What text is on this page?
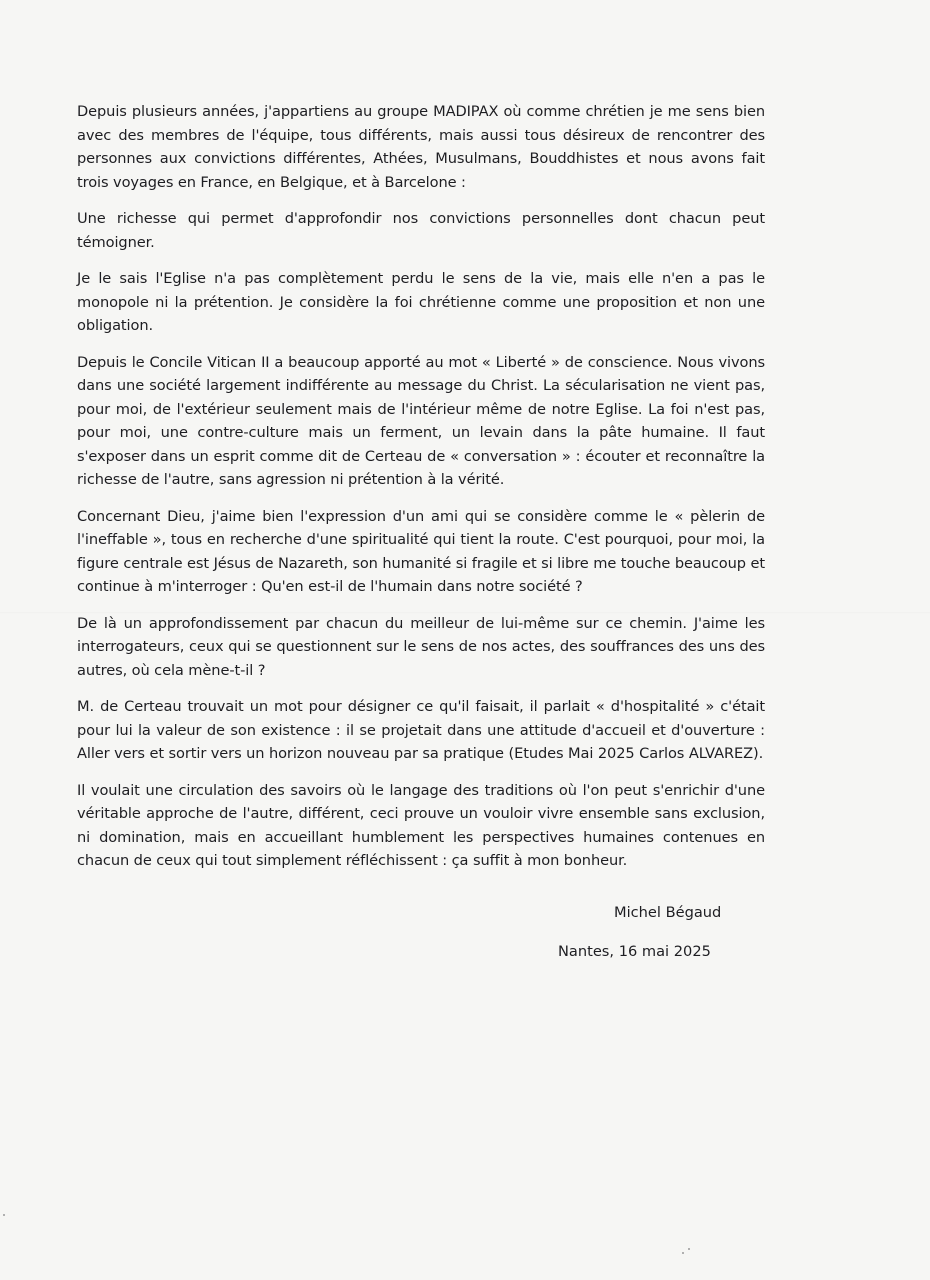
Depuis plusieurs années, j'appartiens au groupe MADIPAX où comme chrétien je me sens bien avec des membres de l'équipe, tous différents, mais aussi tous désireux de rencontrer des personnes aux convictions différentes, Athées, Musulmans, Bouddhistes et nous avons fait trois voyages en France, en Belgique, et à Barcelone :

Une richesse qui permet d'approfondir nos convictions personnelles dont chacun peut témoigner.

Je le sais l'Eglise n'a pas complètement perdu le sens de la vie, mais elle n'en a pas le monopole ni la prétention. Je considère la foi chrétienne comme une proposition et non une obligation.

Depuis le Concile Vitican II a beaucoup apporté au mot « Liberté » de conscience. Nous vivons dans une société largement indifférente au message du Christ. La sécularisation ne vient pas, pour moi, de l'extérieur seulement mais de l'intérieur même de notre Eglise. La foi n'est pas, pour moi, une contre-culture mais un ferment, un levain dans la pâte humaine. Il faut s'exposer dans un esprit comme dit de Certeau de « conversation » : écouter et reconnaître la richesse de l'autre, sans agression ni prétention à la vérité.

Concernant Dieu, j'aime bien l'expression d'un ami qui se considère comme le « pèlerin de l'ineffable », tous en recherche d'une spiritualité qui tient la route. C'est pourquoi, pour moi, la figure centrale est Jésus de Nazareth, son humanité si fragile et si libre me touche beaucoup et continue à m'interroger : Qu'en est-il de l'humain dans notre société ?

De là un approfondissement par chacun du meilleur de lui-même sur ce chemin. J'aime les interrogateurs, ceux qui se questionnent sur le sens de nos actes, des souffrances des uns des autres, où cela mène-t-il ?

M. de Certeau trouvait un mot pour désigner ce qu'il faisait, il parlait « d'hospitalité » c'était pour lui la valeur de son existence : il se projetait dans une attitude d'accueil et d'ouverture : Aller vers et sortir vers un horizon nouveau par sa pratique (Etudes Mai 2025 Carlos ALVAREZ).

Il voulait une circulation des savoirs où le langage des traditions où l'on peut s'enrichir d'une véritable approche de l'autre, différent, ceci prouve un vouloir vivre ensemble sans exclusion, ni domination, mais en accueillant humblement les perspectives humaines contenues en chacun de ceux qui tout simplement réfléchissent : ça suffit à mon bonheur.

Michel Bégaud
Nantes, 16 mai 2025
